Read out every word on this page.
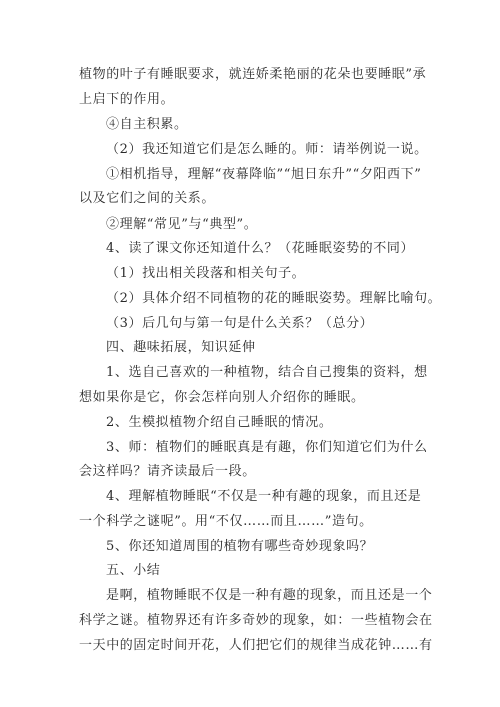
植物的叶子有睡眠要求，就连娇柔艳丽的花朵也要睡眠”承
上启下的作用。
④自主积累。
（2）我还知道它们是怎么睡的。师：请举例说一说。
①相机指导，理解“夜幕降临”“旭日东升”“夕阳西下”
以及它们之间的关系。
②理解“常见”与“典型”。
4、读了课文你还知道什么？（花睡眠姿势的不同）
（1）找出相关段落和相关句子。
（2）具体介绍不同植物的花的睡眠姿势。理解比喻句。
（3）后几句与第一句是什么关系？（总分）
四、趣味拓展，知识延伸
1、选自己喜欢的一种植物，结合自己搜集的资料，想
想如果你是它，你会怎样向别人介绍你的睡眠。
2、生模拟植物介绍自己睡眠的情况。
3、师：植物们的睡眠真是有趣，你们知道它们为什么
会这样吗？请齐读最后一段。
4、理解植物睡眠“不仅是一种有趣的现象，而且还是
一个科学之谜呢”。用“不仅……而且……”造句。
5、你还知道周围的植物有哪些奇妙现象吗？
五、小结
是啊，植物睡眠不仅是一种有趣的现象，而且还是一个
科学之谜。植物界还有许多奇妙的现象，如：一些植物会在
一天中的固定时间开花，人们把它们的规律当成花钟……有
